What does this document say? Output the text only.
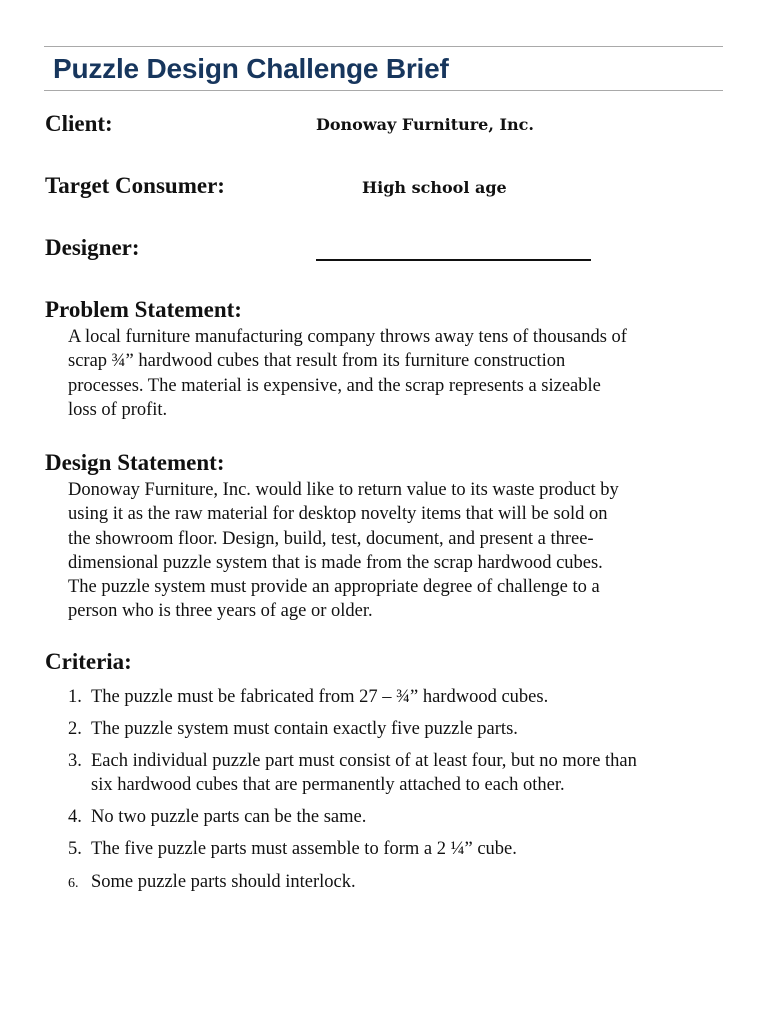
Puzzle Design Challenge Brief
Client:	Donoway Furniture, Inc.
Target Consumer:	High school age
Designer:
Problem Statement:

A local furniture manufacturing company throws away tens of thousands of
scrap ¾” hardwood cubes that result from its furniture construction
processes. The material is expensive, and the scrap represents a sizeable
loss of profit.

Design Statement:

Donoway Furniture, Inc. would like to return value to its waste product by
using it as the raw material for desktop novelty items that will be sold on
the showroom floor. Design, build, test, document, and present a three-
dimensional puzzle system that is made from the scrap hardwood cubes.
The puzzle system must provide an appropriate degree of challenge to a
person who is three years of age or older.

Criteria:
1. The puzzle must be fabricated from 27 – ¾” hardwood cubes.
2. The puzzle system must contain exactly five puzzle parts.
3. Each individual puzzle part must consist of at least four, but no more than
six hardwood cubes that are permanently attached to each other.
4. No two puzzle parts can be the same.
5. The five puzzle parts must assemble to form a 2 ¼” cube.
6. Some puzzle parts should interlock.
